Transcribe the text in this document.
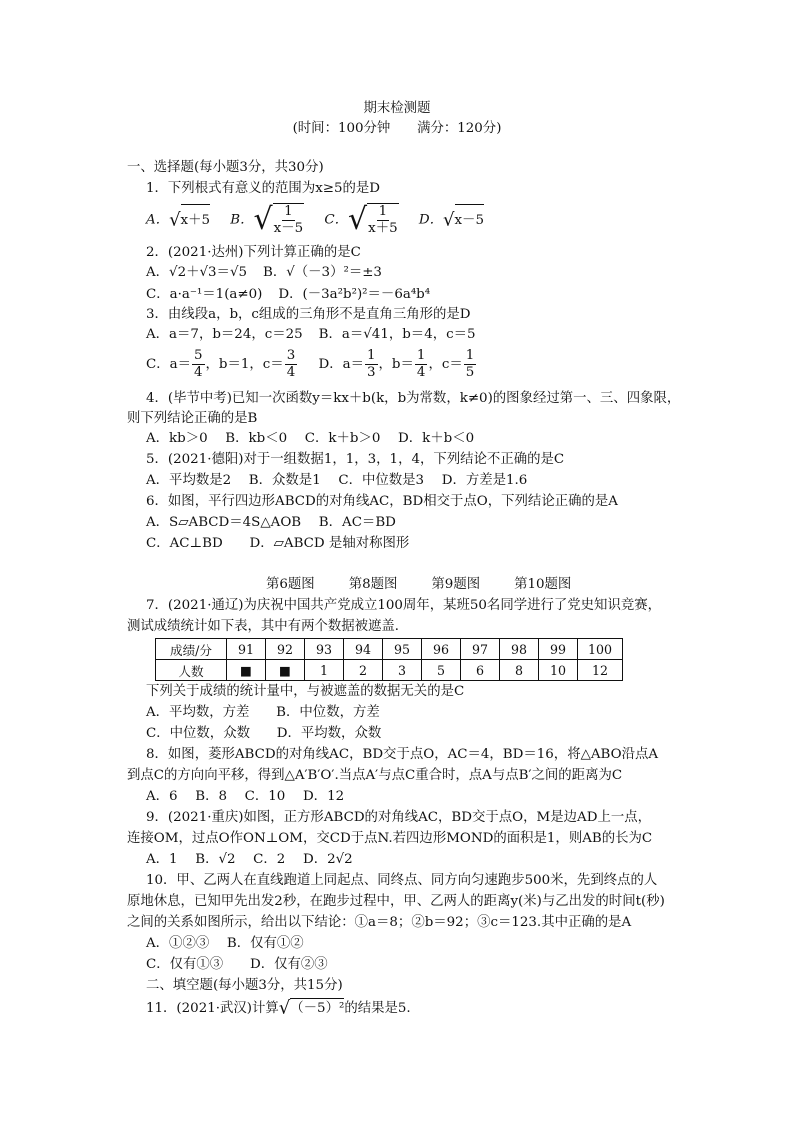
期末检测题
(时间：100分钟　　满分：120分)
一、选择题(每小题3分，共30分)
1．下列根式有意义的范围为x≥5的是D
A．√x＋5 B．√ $\frac{1}{x-5}$ C．√ $\frac{1}{x+5}$ D．√x－5
2．(2021·达州)下列计算正确的是C
A．√2＋√3＝√5 B．√（－3）²＝±3
C．a·a⁻¹＝1(a≠0) D．(－3a²b²)²＝－6a⁴b⁴
3．由线段a，b，c组成的三角形不是直角三角形的是D
A．a＝7，b＝24，c＝25 B．a＝√41，b＝4，c＝5
C．$a= \frac{5}{4}$ ，b＝1，$c= \frac{3}{4}$ D．$a= \frac{1}{3}$ ，$b= \frac{1}{4}$ ，$c= \frac{1}{5}$
4．(毕节中考)已知一次函数y＝kx＋b(k，b为常数，k≠0)的图象经过第一、三、四象限，
则下列结论正确的是B
A．kb＞0　 B．kb＜0　 C．k＋b＞0　 D．k＋b＜0
5．(2021·德阳)对于一组数据1，1，3，1，4，下列结论不正确的是C
A．平均数是2　 B．众数是1　 C．中位数是3　 D．方差是1.6
6．如图，平行四边形ABCD的对角线AC，BD相交于点O，下列结论正确的是A
A．S▱ABCD＝4S△AOB　 B．AC＝BD
C．AC⊥BD　　D．▱ABCD 是轴对称图形
第6题图	第8题图	第9题图	第10题图
7．(2021·通辽)为庆祝中国共产党成立100周年，某班50名同学进行了党史知识竞赛，
测试成绩统计如下表，其中有两个数据被遮盖．
成绩/分	91	92	93	94	95	96	97	98	99	100
人数	■	■	1	2	3	5	6	8	10	12
下列关于成绩的统计量中，与被遮盖的数据无关的是C
A．平均数，方差　　B．中位数，方差
C．中位数，众数　　D．平均数，众数
8．如图，菱形ABCD的对角线AC，BD交于点O，AC＝4，BD＝16，将△ABO沿点A
到点C的方向向平移，得到△A′B′O′.当点A′与点C重合时，点A与点B′之间的距离为C
A．6　 B．8　 C．10　 D．12
9．(2021·重庆)如图，正方形ABCD的对角线AC，BD交于点O，M是边AD上一点，
连接OM，过点O作ON⊥OM，交CD于点N.若四边形MOND的面积是1，则AB的长为C
A．1　 B．√2　 C．2　 D．2√2
10．甲、乙两人在直线跑道上同起点、同终点、同方向匀速跑步500米，先到终点的人
原地休息，已知甲先出发2秒，在跑步过程中，甲、乙两人的距离y(米)与乙出发的时间t(秒)
之间的关系如图所示，给出以下结论：①a＝8；②b＝92；③c＝123.其中正确的是A
A．①②③　 B．仅有①②
C．仅有①③　　D．仅有②③
二、填空题(每小题3分，共15分)
11．(2021·武汉)计算√（－5）²的结果是5.
